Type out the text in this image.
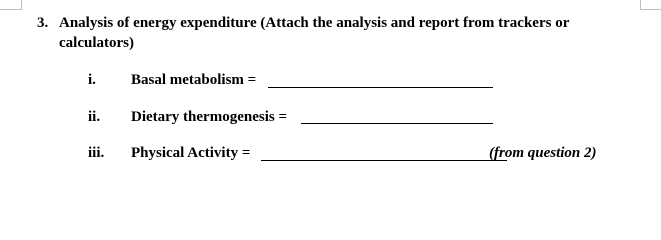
3. Analysis of energy expenditure (Attach the analysis and report from trackers or
calculators)
i. Basal metabolism =
ii. Dietary thermogenesis =
iii. Physical Activity =	(from question 2)
